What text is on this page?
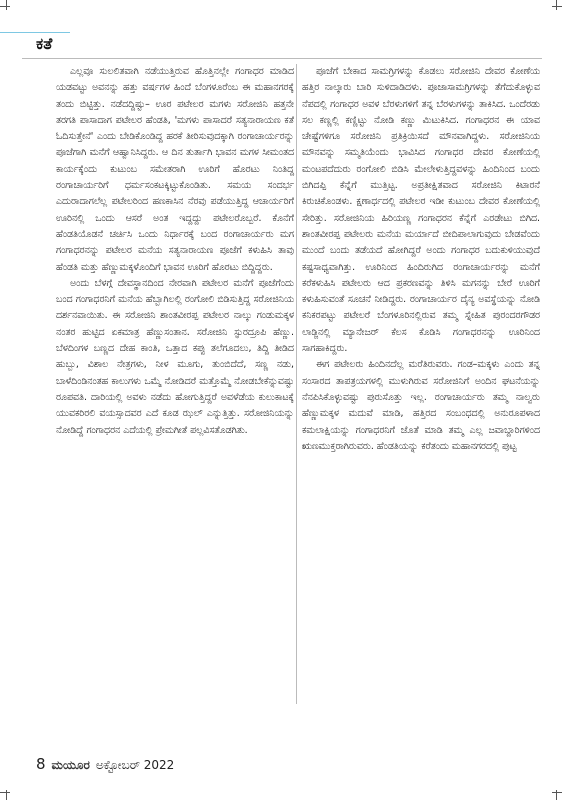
ಕತೆ

ಎಲ್ಲವೂ ಸುಲಲಿತವಾಗಿ ನಡೆಯುತ್ತಿರುವ ಹೊತ್ತಿನಲ್ಲೇ ಗಂಗಾಧರ ಮಾಡಿದ ಯಡವಟ್ಟು ಅವನನ್ನು ಹತ್ತು ವರ್ಷಗಳ ಹಿಂದೆ ಬೆಂಗಳೂರೆಂಬ ಈ ಮಹಾನಗರಕ್ಕೆ ತಂದು ಬಿಟ್ಟಿತ್ತು. ನಡೆದದ್ದಿಷ್ಟು– ಊರ ಪಟೇಲರ ಮಗಳು ಸರೋಜಿನಿ ಹತ್ತನೇ ತರಗತಿ ಪಾಸಾದಾಗ ಪಟೇಲರ ಹೆಂಡತಿ, 'ಮಗಳು ಪಾಸಾದರೆ ಸತ್ಯನಾರಾಯಣ ಕತೆ ಓದಿಸುತ್ತೇನೆ' ಎಂದು ಬೇಡಿಕೊಂಡಿದ್ದ ಹರಕೆ ತೀರಿಸುವುದಕ್ಕಾಗಿ ರಂಗಾಚಾರ್ಯರನ್ನು ಪೂಜೆಗಾಗಿ ಮನೆಗೆ ಆಹ್ವಾನಿಸಿದ್ದರು. ಆ ದಿನ ತುರ್ತಾಗಿ ಭಾವನ ಮಗಳ ಸೀಮಂತದ ಕಾರ್ಯಕ್ಕೆಂದು ಕುಟುಂಬ ಸಮೇತರಾಗಿ ಊರಿಗೆ ಹೊರಟು ನಿಂತಿದ್ದ ರಂಗಾಚಾರ್ಯರಿಗೆ ಧರ್ಮಸಂಕಟಕ್ಕಿಟ್ಟುಕೊಂಡಿತು. ಸಮಯ ಸಂದರ್ಭ ಎದುರಾದಾಗಲೆಲ್ಲ ಪಟೇಲರಿಂದ ಹಣಕಾಸಿನ ನೆರವು ಪಡೆಯುತ್ತಿದ್ದ ಆಚಾರ್ಯರಿಗೆ ಊರಿನಲ್ಲಿ ಒಂದು ಆಸರೆ ಅಂತ ಇದ್ದದ್ದು ಪಟೇಲರೊಬ್ಬರೆ. ಕೊನೆಗೆ ಹೆಂಡತಿಯೊಡನೆ ಚರ್ಚಿಸಿ ಒಂದು ನಿರ್ಧಾರಕ್ಕೆ ಬಂದ ರಂಗಾಚಾರ್ಯರು ಮಗ ಗಂಗಾಧರನನ್ನು ಪಟೇಲರ ಮನೆಯ ಸತ್ಯನಾರಾಯಣ ಪೂಜೆಗೆ ಕಳುಹಿಸಿ ತಾವು ಹೆಂಡತಿ ಮತ್ತು ಹೆಣ್ಣುಮಕ್ಕಳೊಂದಿಗೆ ಭಾವನ ಊರಿಗೆ ಹೊರಟು ಬಿದ್ದಿದ್ದರು.

ಅಂದು ಬೆಳಗ್ಗೆ ದೇವಸ್ಥಾನದಿಂದ ನೇರವಾಗಿ ಪಟೇಲರ ಮನೆಗೆ ಪೂಜೆಗೆಂದು ಬಂದ ಗಂಗಾಧರನಿಗೆ ಮನೆಯ ಹೆಬ್ಬಾಗಿಲಲ್ಲಿ ರಂಗೋಲಿ ಬಿಡಿಸುತ್ತಿದ್ದ ಸರೋಜಿನಿಯ ದರ್ಶನವಾಯಿತು. ಈ ಸರೋಜಿನಿ ಶಾಂತವೀರಪ್ಪ ಪಟೇಲರ ನಾಲ್ಕು ಗಂಡುಮಕ್ಕಳ ನಂತರ ಹುಟ್ಟಿದ ಏಕಮಾತ್ರ ಹೆಣ್ಣುಸಂತಾನ. ಸರೋಜಿನಿ ಸ್ಫುರದ್ರೂಪಿ ಹೆಣ್ಣು. ಬೆಳದಿಂಗಳ ಬಣ್ಣದ ದೇಹ ಕಾಂತಿ, ಒತ್ತಾದ ಕಪ್ಪು ತಲೆಗೂದಲು, ತಿದ್ದಿ ತೀಡಿದ ಹುಬ್ಬು, ವಿಶಾಲ ನೇತ್ರಗಳು, ನೀಳ ಮೂಗು, ತುಂಬಿದೆದೆ, ಸಣ್ಣ ನಡು, ಬಾಳೆದಿಂಡಿನಂತಹ ಕಾಲುಗಳು ಒಮ್ಮೆ ನೋಡಿದರೆ ಮತ್ತೊಮ್ಮೆ ನೋಡಬೇಕೆನ್ನುವಷ್ಟು ರೂಪವತಿ. ದಾರಿಯಲ್ಲಿ ಅವಳು ನಡೆದು ಹೋಗುತ್ತಿದ್ದರೆ ಅವಳೆಡೆಯ ಕುಲುಕಾಟಕ್ಕೆ ಯುವಕರಿರಲಿ ವಯಸ್ಸಾದವರ ಎದೆ ಕೂಡ ಝಲ್ ಎನ್ನುತ್ತಿತ್ತು. ಸರೋಜಿನಿಯನ್ನು ನೋಡಿದ್ದೆ ಗಂಗಾಧರನ ಎದೆಯಲ್ಲಿ ಪ್ರೇಮಗೀತೆ ಪಲ್ಲವಿಸತೊಡಗಿತು.

ಪೂಜೆಗೆ ಬೇಕಾದ ಸಾಮಗ್ರಿಗಳನ್ನು ಕೊಡಲು ಸರೋಜಿನಿ ದೇವರ ಕೋಣೆಯ ಹತ್ತಿರ ನಾಲ್ಕಾರು ಬಾರಿ ಸುಳಿದಾಡಿದಳು. ಪೂಜಾಸಾಮಗ್ರಿಗಳನ್ನು ತೆಗೆದುಕೊಳ್ಳುವ ನೆಪದಲ್ಲಿ ಗಂಗಾಧರ ಅವಳ ಬೆರಳುಗಳಿಗೆ ತನ್ನ ಬೆರಳುಗಳನ್ನು ತಾಕಿಸಿದ. ಒಂದೆರಡು ಸಲ ಕಣ್ಣಲ್ಲಿ ಕಣ್ಣಿಟ್ಟು ನೋಡಿ ಕಣ್ಣು ಮಿಟುಕಿಸಿದ. ಗಂಗಾಧರನ ಈ ಯಾವ ಚೇಷ್ಟೆಗಳಿಗೂ ಸರೋಜಿನಿ ಪ್ರತಿಕ್ರಿಯಿಸದೆ ಮೌನವಾಗಿದ್ದಳು. ಸರೋಜಿನಿಯ ಮೌನವನ್ನು ಸಮ್ಮತಿಯೆಂದು ಭಾವಿಸಿದ ಗಂಗಾಧರ ದೇವರ ಕೋಣೆಯಲ್ಲಿ ಮಂಟಪದೆದುರು ರಂಗೋಲಿ ಬಿಡಿಸಿ ಮೇಲೇಳುತ್ತಿದ್ದವಳನ್ನು ಹಿಂದಿನಿಂದ ಬಂದು ಬಿಗಿದಪ್ಪಿ ಕೆನ್ನೆಗೆ ಮುತ್ತಿಟ್ಟ. ಅಪ್ರತೀಕ್ಷಿತವಾದ ಸರೋಜಿನಿ ಕಿಟಾರನೆ ಕಿರುಚಿಕೊಂಡಳು. ಕ್ಷಣಾರ್ಧದಲ್ಲಿ ಪಟೇಲರ ಇಡೀ ಕುಟುಂಬ ದೇವರ ಕೋಣೆಯಲ್ಲಿ ಸೇರಿತ್ತು. ಸರೋಜಿನಿಯ ಹಿರಿಯಣ್ಣ ಗಂಗಾಧರನ ಕೆನ್ನೆಗೆ ಎರಡೇಟು ಬಿಗಿದ. ಶಾಂತವೀರಪ್ಪ ಪಟೇಲರು ಮನೆಯ ಮರ್ಯಾದೆ ಬೀದಿಪಾಲಾಗುವುದು ಬೇಡವೆಂದು ಮುಂದೆ ಬಂದು ತಡೆಯದೆ ಹೋಗಿದ್ದರೆ ಅಂದು ಗಂಗಾಧರ ಬದುಕುಳಿಯುವುದೆ ಕಷ್ಟಸಾಧ್ಯವಾಗಿತ್ತು. ಊರಿನಿಂದ ಹಿಂದಿರುಗಿದ ರಂಗಾಚಾರ್ಯರನ್ನು ಮನೆಗೆ ಕರೆಕಳುಹಿಸಿ ಪಟೇಲರು ಆದ ಪ್ರಕರಣವನ್ನು ತಿಳಿಸಿ ಮಗನನ್ನು ಬೇರೆ ಊರಿಗೆ ಕಳುಹಿಸುವಂತೆ ಸೂಚನೆ ನೀಡಿದ್ದರು. ರಂಗಾಚಾರ್ಯರ ದೈನ್ಯ ಅವಸ್ಥೆಯನ್ನು ನೋಡಿ ಕನಿಕರಪಟ್ಟು ಪಟೇಲರೆ ಬೆಂಗಳೂರಿನಲ್ಲಿರುವ ತಮ್ಮ ಸ್ನೇಹಿತ ಪುರಂದರಗೌಡರ ಲಾಡ್ಜಿನಲ್ಲಿ ಮ್ಯಾನೇಜರ್ ಕೆಲಸ ಕೊಡಿಸಿ ಗಂಗಾಧರನನ್ನು ಊರಿನಿಂದ ಸಾಗಹಾಕಿದ್ದರು.

ಈಗ ಪಟೇಲರು ಹಿಂದಿನದೆಲ್ಲ ಮರೆತಿರುವರು. ಗಂಡ–ಮಕ್ಕಳು ಎಂದು ತನ್ನ ಸಂಸಾರದ ತಾಪತ್ರಯಗಳಲ್ಲಿ ಮುಳುಗಿರುವ ಸರೋಜಿನಿಗೆ ಅಂದಿನ ಘಟನೆಯನ್ನು ನೆನಪಿಸಿಕೊಳ್ಳುವಷ್ಟು ಪುರುಸೊತ್ತು ಇಲ್ಲ. ರಂಗಾಚಾರ್ಯರು ತಮ್ಮ ನಾಲ್ವರು ಹೆಣ್ಣುಮಕ್ಕಳ ಮದುವೆ ಮಾಡಿ, ಹತ್ತಿರದ ಸಂಬಂಧದಲ್ಲಿ ಅನುರೂಪಳಾದ ಕಮಲಾಕ್ಷಿಯನ್ನು ಗಂಗಾಧರನಿಗೆ ಜೊತೆ ಮಾಡಿ ತಮ್ಮ ಎಲ್ಲ ಜವಾಬ್ದಾರಿಗಳಿಂದ ಋಣಮುಕ್ತರಾಗಿರುವರು. ಹೆಂಡತಿಯನ್ನು ಕರೆತಂದು ಮಹಾನಗರದಲ್ಲಿ ಪುಟ್ಟ

8 ಮಯೂರ ಅಕ್ಟೋಬರ್ 2022
